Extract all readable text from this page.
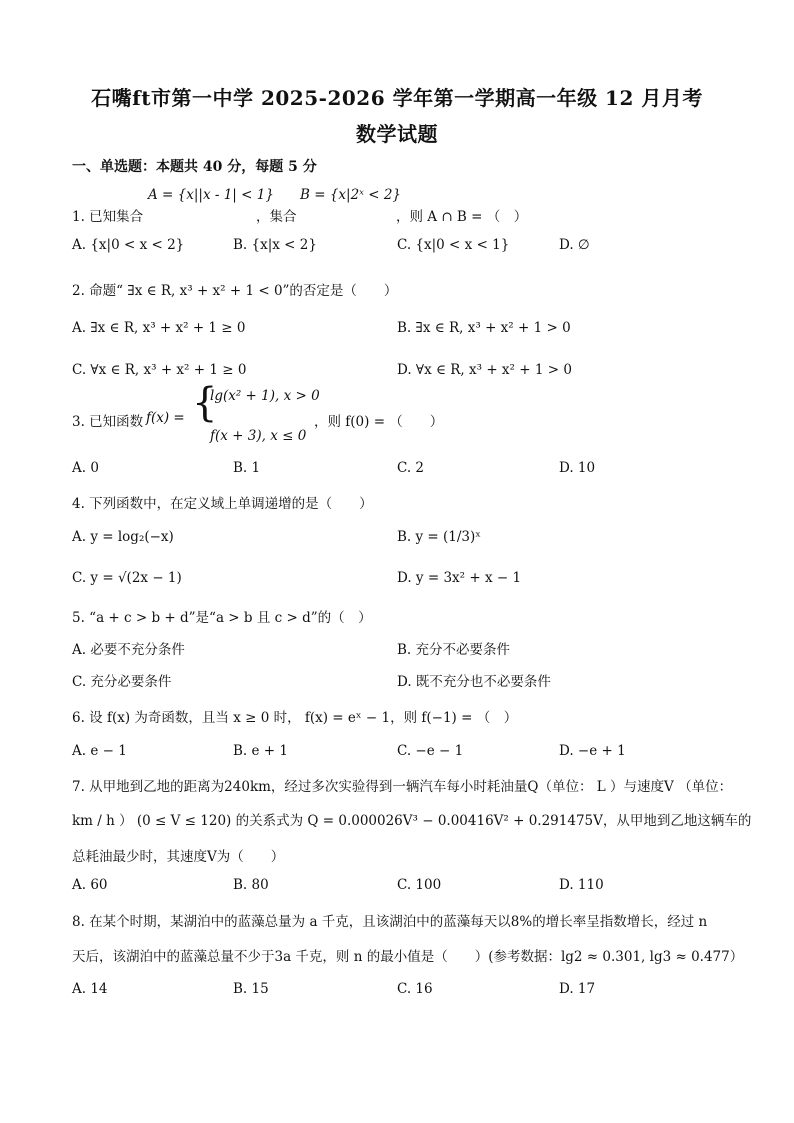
石嘴ft市第一中学 2025-2026 学年第一学期高一年级 12 月月考
数学试题
一、单选题：本题共 40 分，每题 5 分
1. 已知集合
A = {x||x - 1| < 1}
，集合
B = {x|2ˣ < 2}
，则 A ∩ B = （　）
A. {x|0 < x < 2}	B. {x|x < 2}	C. {x|0 < x < 1}	D. ∅
2. 命题“ ∃x ∈ R, x³ + x² + 1 < 0”的否定是（　　）
A. ∃x ∈ R, x³ + x² + 1 ≥ 0	B. ∃x ∈ R, x³ + x² + 1 > 0
C. ∀x ∈ R, x³ + x² + 1 ≥ 0	D. ∀x ∈ R, x³ + x² + 1 > 0
3. 已知函数 f(x) = {
lg(x² + 1), x > 0
f(x + 3), x ≤ 0
，则 f(0) = （　　）
A. 0	B. 1	C. 2	D. 10
4. 下列函数中，在定义域上单调递增的是（　　）
A. y = log₂(−x)	B. y = (1/3)ˣ
C. y = √(2x − 1)	D. y = 3x² + x − 1
5. “a + c > b + d”是“a > b 且 c > d”的（　）
A. 必要不充分条件	B. 充分不必要条件
C. 充分必要条件	D. 既不充分也不必要条件
6. 设 f(x) 为奇函数，且当 x ≥ 0 时， f(x) = eˣ − 1，则 f(−1) = （　）
A. e − 1	B. e + 1	C. −e − 1	D. −e + 1
7. 从甲地到乙地的距离为240km，经过多次实验得到一辆汽车每小时耗油量Q（单位： L ）与速度V （单位：
km / h ） (0 ≤ V ≤ 120) 的关系式为 Q = 0.000026V³ − 0.00416V² + 0.291475V，从甲地到乙地这辆车的
总耗油最少时，其速度V为（　　）
A. 60	B. 80	C. 100	D. 110
8. 在某个时期，某湖泊中的蓝藻总量为 a 千克，且该湖泊中的蓝藻每天以8%的增长率呈指数增长，经过 n
天后，该湖泊中的蓝藻总量不少于3a 千克，则 n 的最小值是（　　）(参考数据：lg2 ≈ 0.301, lg3 ≈ 0.477）
A. 14	B. 15	C. 16	D. 17
